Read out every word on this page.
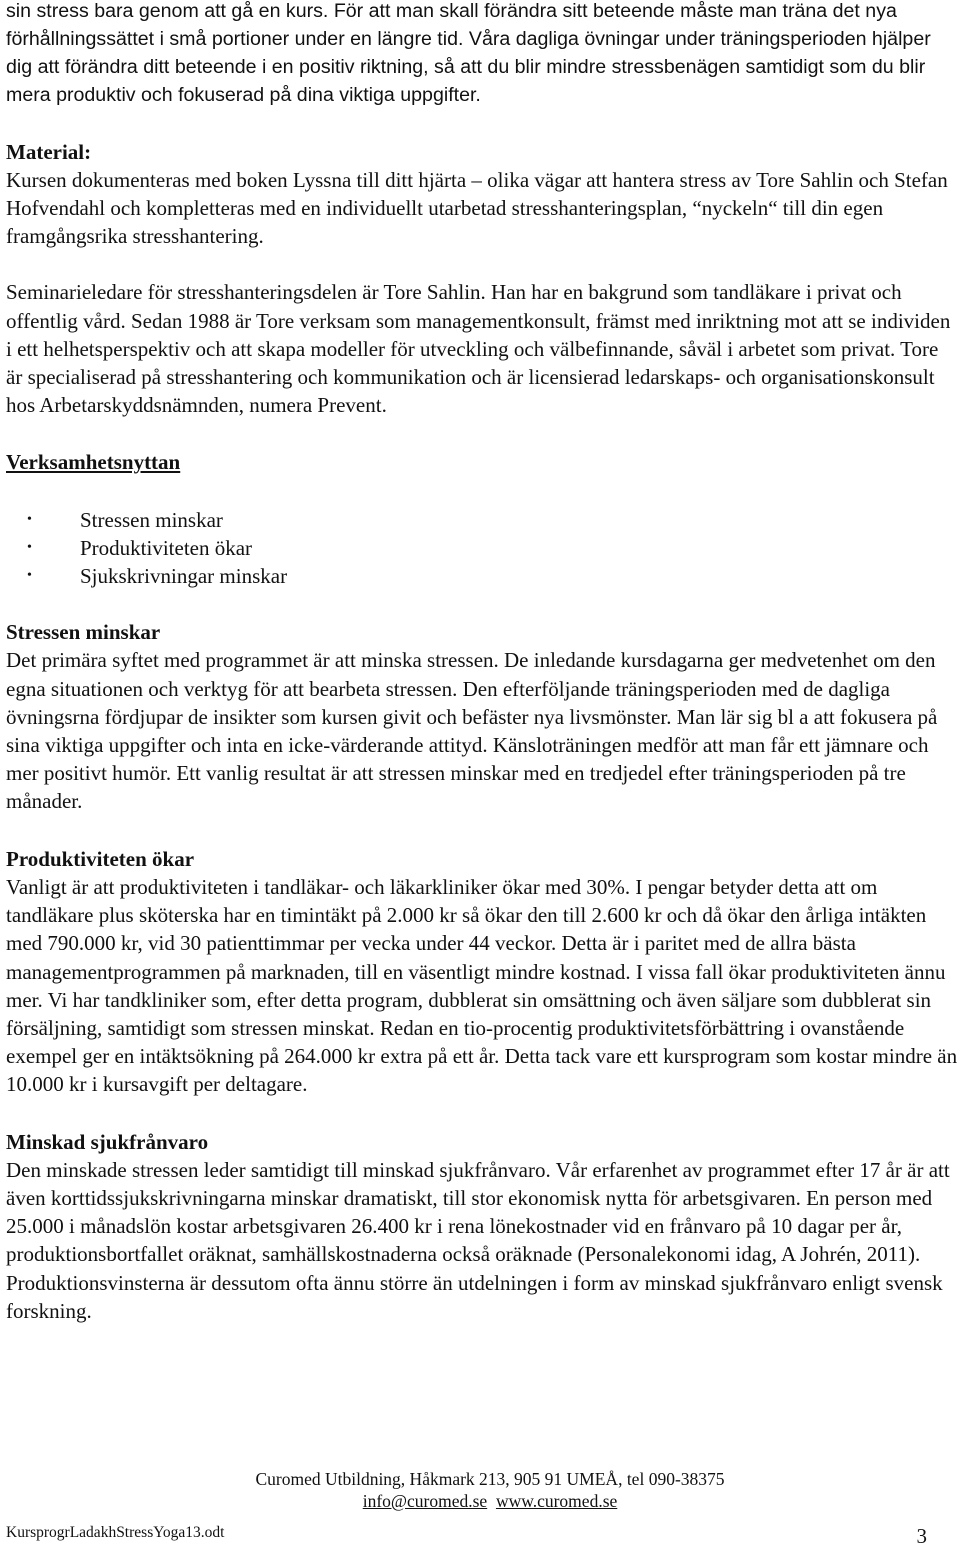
sin stress bara genom att gå en kurs. För att man skall förändra sitt beteende måste man träna det nya förhållningssättet i små portioner under en längre tid. Våra dagliga övningar under träningsperioden hjälper dig att förändra ditt beteende i en positiv riktning, så att du blir mindre stressbenägen samtidigt som du blir mera produktiv och fokuserad på dina viktiga uppgifter.

Material:

Kursen dokumenteras med boken Lyssna till ditt hjärta – olika vägar att hantera stress av Tore Sahlin och Stefan Hofvendahl och kompletteras med en individuellt utarbetad stresshanteringsplan, “nyckeln“ till din egen framgångsrika stresshantering.

Seminarieledare för stresshanteringsdelen är Tore Sahlin. Han har en bakgrund som tandläkare i privat och offentlig vård. Sedan 1988 är Tore verksam som managementkonsult, främst med inriktning mot att se individen i ett helhetsperspektiv och att skapa modeller för utveckling och välbefinnande, såväl i arbetet som privat. Tore är specialiserad på stresshantering och kommunikation och är licensierad ledarskaps- och organisationskonsult hos Arbetarskyddsnämnden, numera Prevent.

Verksamhetsnyttan

• Stressen minskar
• Produktiviteten ökar
• Sjukskrivningar minskar

Stressen minskar

Det primära syftet med programmet är att minska stressen. De inledande kursdagarna ger medvetenhet om den egna situationen och verktyg för att bearbeta stressen. Den efterföljande träningsperioden med de dagliga övningsrna fördjupar de insikter som kursen givit och befäster nya livsmönster. Man lär sig bl a att fokusera på sina viktiga uppgifter och inta en icke-värderande attityd. Känsloträningen medför att man får ett jämnare och mer positivt humör. Ett vanlig resultat är att stressen minskar med en tredjedel efter träningsperioden på tre månader.

Produktiviteten ökar

Vanligt är att produktiviteten i tandläkar- och läkarkliniker ökar med 30%. I pengar betyder detta att om tandläkare plus sköterska har en timintäkt på 2.000 kr så ökar den till 2.600 kr och då ökar den årliga intäkten med 790.000 kr, vid 30 patienttimmar per vecka under 44 veckor. Detta är i paritet med de allra bästa managementprogrammen på marknaden, till en väsentligt mindre kostnad. I vissa fall ökar produktiviteten ännu mer. Vi har tandkliniker som, efter detta program, dubblerat sin omsättning och även säljare som dubblerat sin försäljning, samtidigt som stressen minskat. Redan en tio-procentig produktivitetsförbättring i ovanstående exempel ger en intäktsökning på 264.000 kr extra på ett år. Detta tack vare ett kursprogram som kostar mindre än 10.000 kr i kursavgift per deltagare.

Minskad sjukfrånvaro

Den minskade stressen leder samtidigt till minskad sjukfrånvaro. Vår erfarenhet av programmet efter 17 år är att även korttidssjukskrivningarna minskar dramatiskt, till stor ekonomisk nytta för arbetsgivaren. En person med 25.000 i månadslön kostar arbetsgivaren 26.400 kr i rena lönekostnader vid en frånvaro på 10 dagar per år, produktionsbortfallet oräknat, samhällskostnaderna också oräknade (Personalekonomi idag, A Johrén, 2011). Produktionsvinsterna är dessutom ofta ännu större än utdelningen i form av minskad sjukfrånvaro enligt svensk forskning.

Curomed Utbildning, Håkmark 213, 905 91 UMEÅ, tel 090-38375
info@curomed.se www.curomed.se
KursprogrLadakhStressYoga13.odt	3
